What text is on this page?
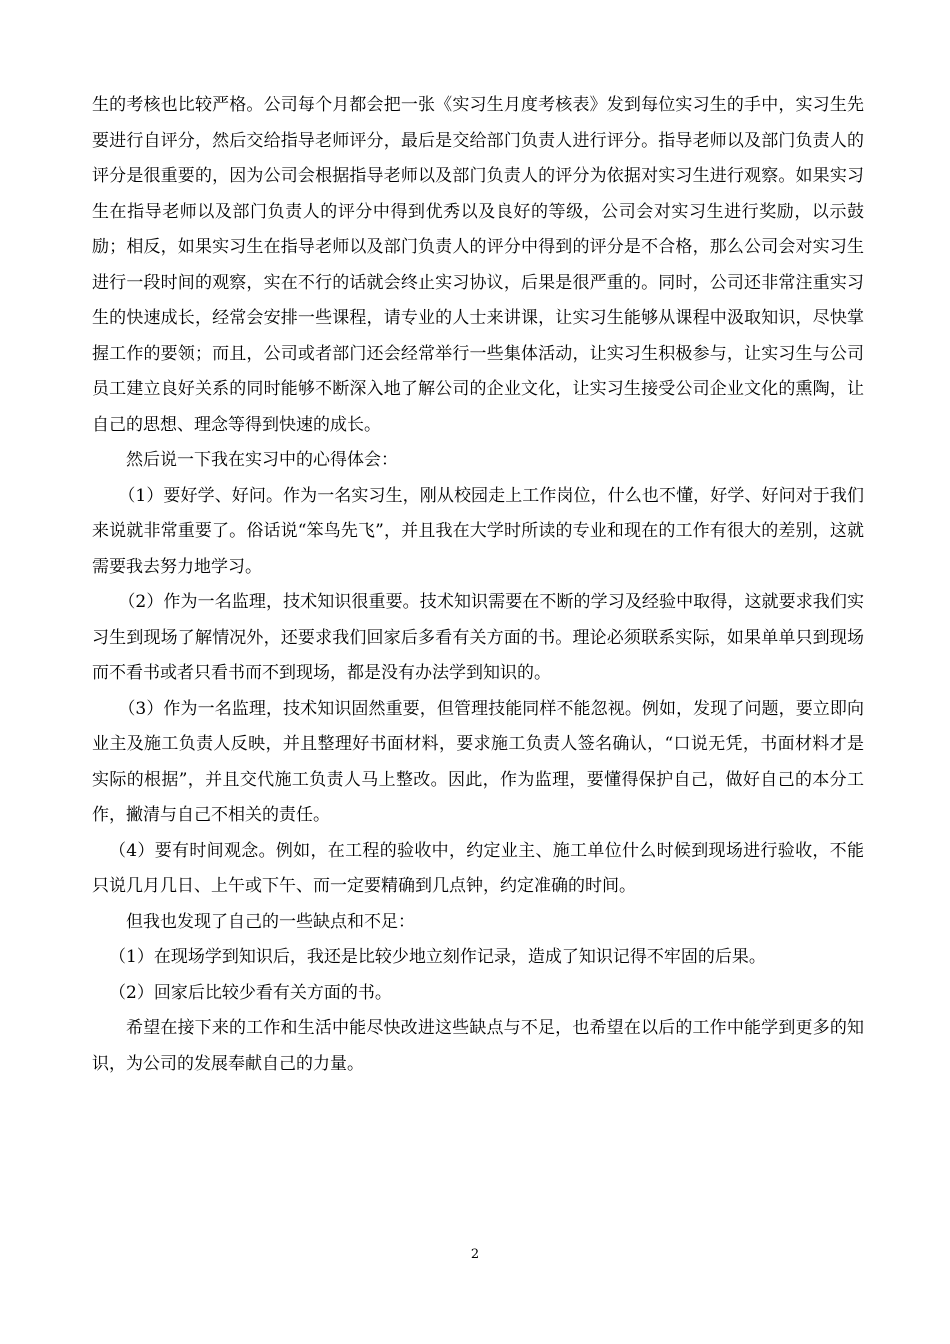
生的考核也比较严格。公司每个月都会把一张《实习生月度考核表》发到每位实习生的手中，实习生先要进行自评分，然后交给指导老师评分，最后是交给部门负责人进行评分。指导老师以及部门负责人的评分是很重要的，因为公司会根据指导老师以及部门负责人的评分为依据对实习生进行观察。如果实习生在指导老师以及部门负责人的评分中得到优秀以及良好的等级，公司会对实习生进行奖励，以示鼓励；相反，如果实习生在指导老师以及部门负责人的评分中得到的评分是不合格，那么公司会对实习生进行一段时间的观察，实在不行的话就会终止实习协议，后果是很严重的。同时，公司还非常注重实习生的快速成长，经常会安排一些课程，请专业的人士来讲课，让实习生能够从课程中汲取知识，尽快掌握工作的要领；而且，公司或者部门还会经常举行一些集体活动，让实习生积极参与，让实习生与公司员工建立良好关系的同时能够不断深入地了解公司的企业文化，让实习生接受公司企业文化的熏陶，让自己的思想、理念等得到快速的成长。

然后说一下我在实习中的心得体会：

（1）要好学、好问。作为一名实习生，刚从校园走上工作岗位，什么也不懂，好学、好问对于我们来说就非常重要了。俗话说“笨鸟先飞”，并且我在大学时所读的专业和现在的工作有很大的差别，这就需要我去努力地学习。

（2）作为一名监理，技术知识很重要。技术知识需要在不断的学习及经验中取得，这就要求我们实习生到现场了解情况外，还要求我们回家后多看有关方面的书。理论必须联系实际，如果单单只到现场而不看书或者只看书而不到现场，都是没有办法学到知识的。

（3）作为一名监理，技术知识固然重要，但管理技能同样不能忽视。例如，发现了问题，要立即向业主及施工负责人反映，并且整理好书面材料，要求施工负责人签名确认，“口说无凭，书面材料才是实际的根据”，并且交代施工负责人马上整改。因此，作为监理，要懂得保护自己，做好自己的本分工作，撇清与自己不相关的责任。

（4）要有时间观念。例如，在工程的验收中，约定业主、施工单位什么时候到现场进行验收，不能只说几月几日、上午或下午、而一定要精确到几点钟，约定准确的时间。

但我也发现了自己的一些缺点和不足：

（1）在现场学到知识后，我还是比较少地立刻作记录，造成了知识记得不牢固的后果。

（2）回家后比较少看有关方面的书。

希望在接下来的工作和生活中能尽快改进这些缺点与不足，也希望在以后的工作中能学到更多的知识，为公司的发展奉献自己的力量。

2
